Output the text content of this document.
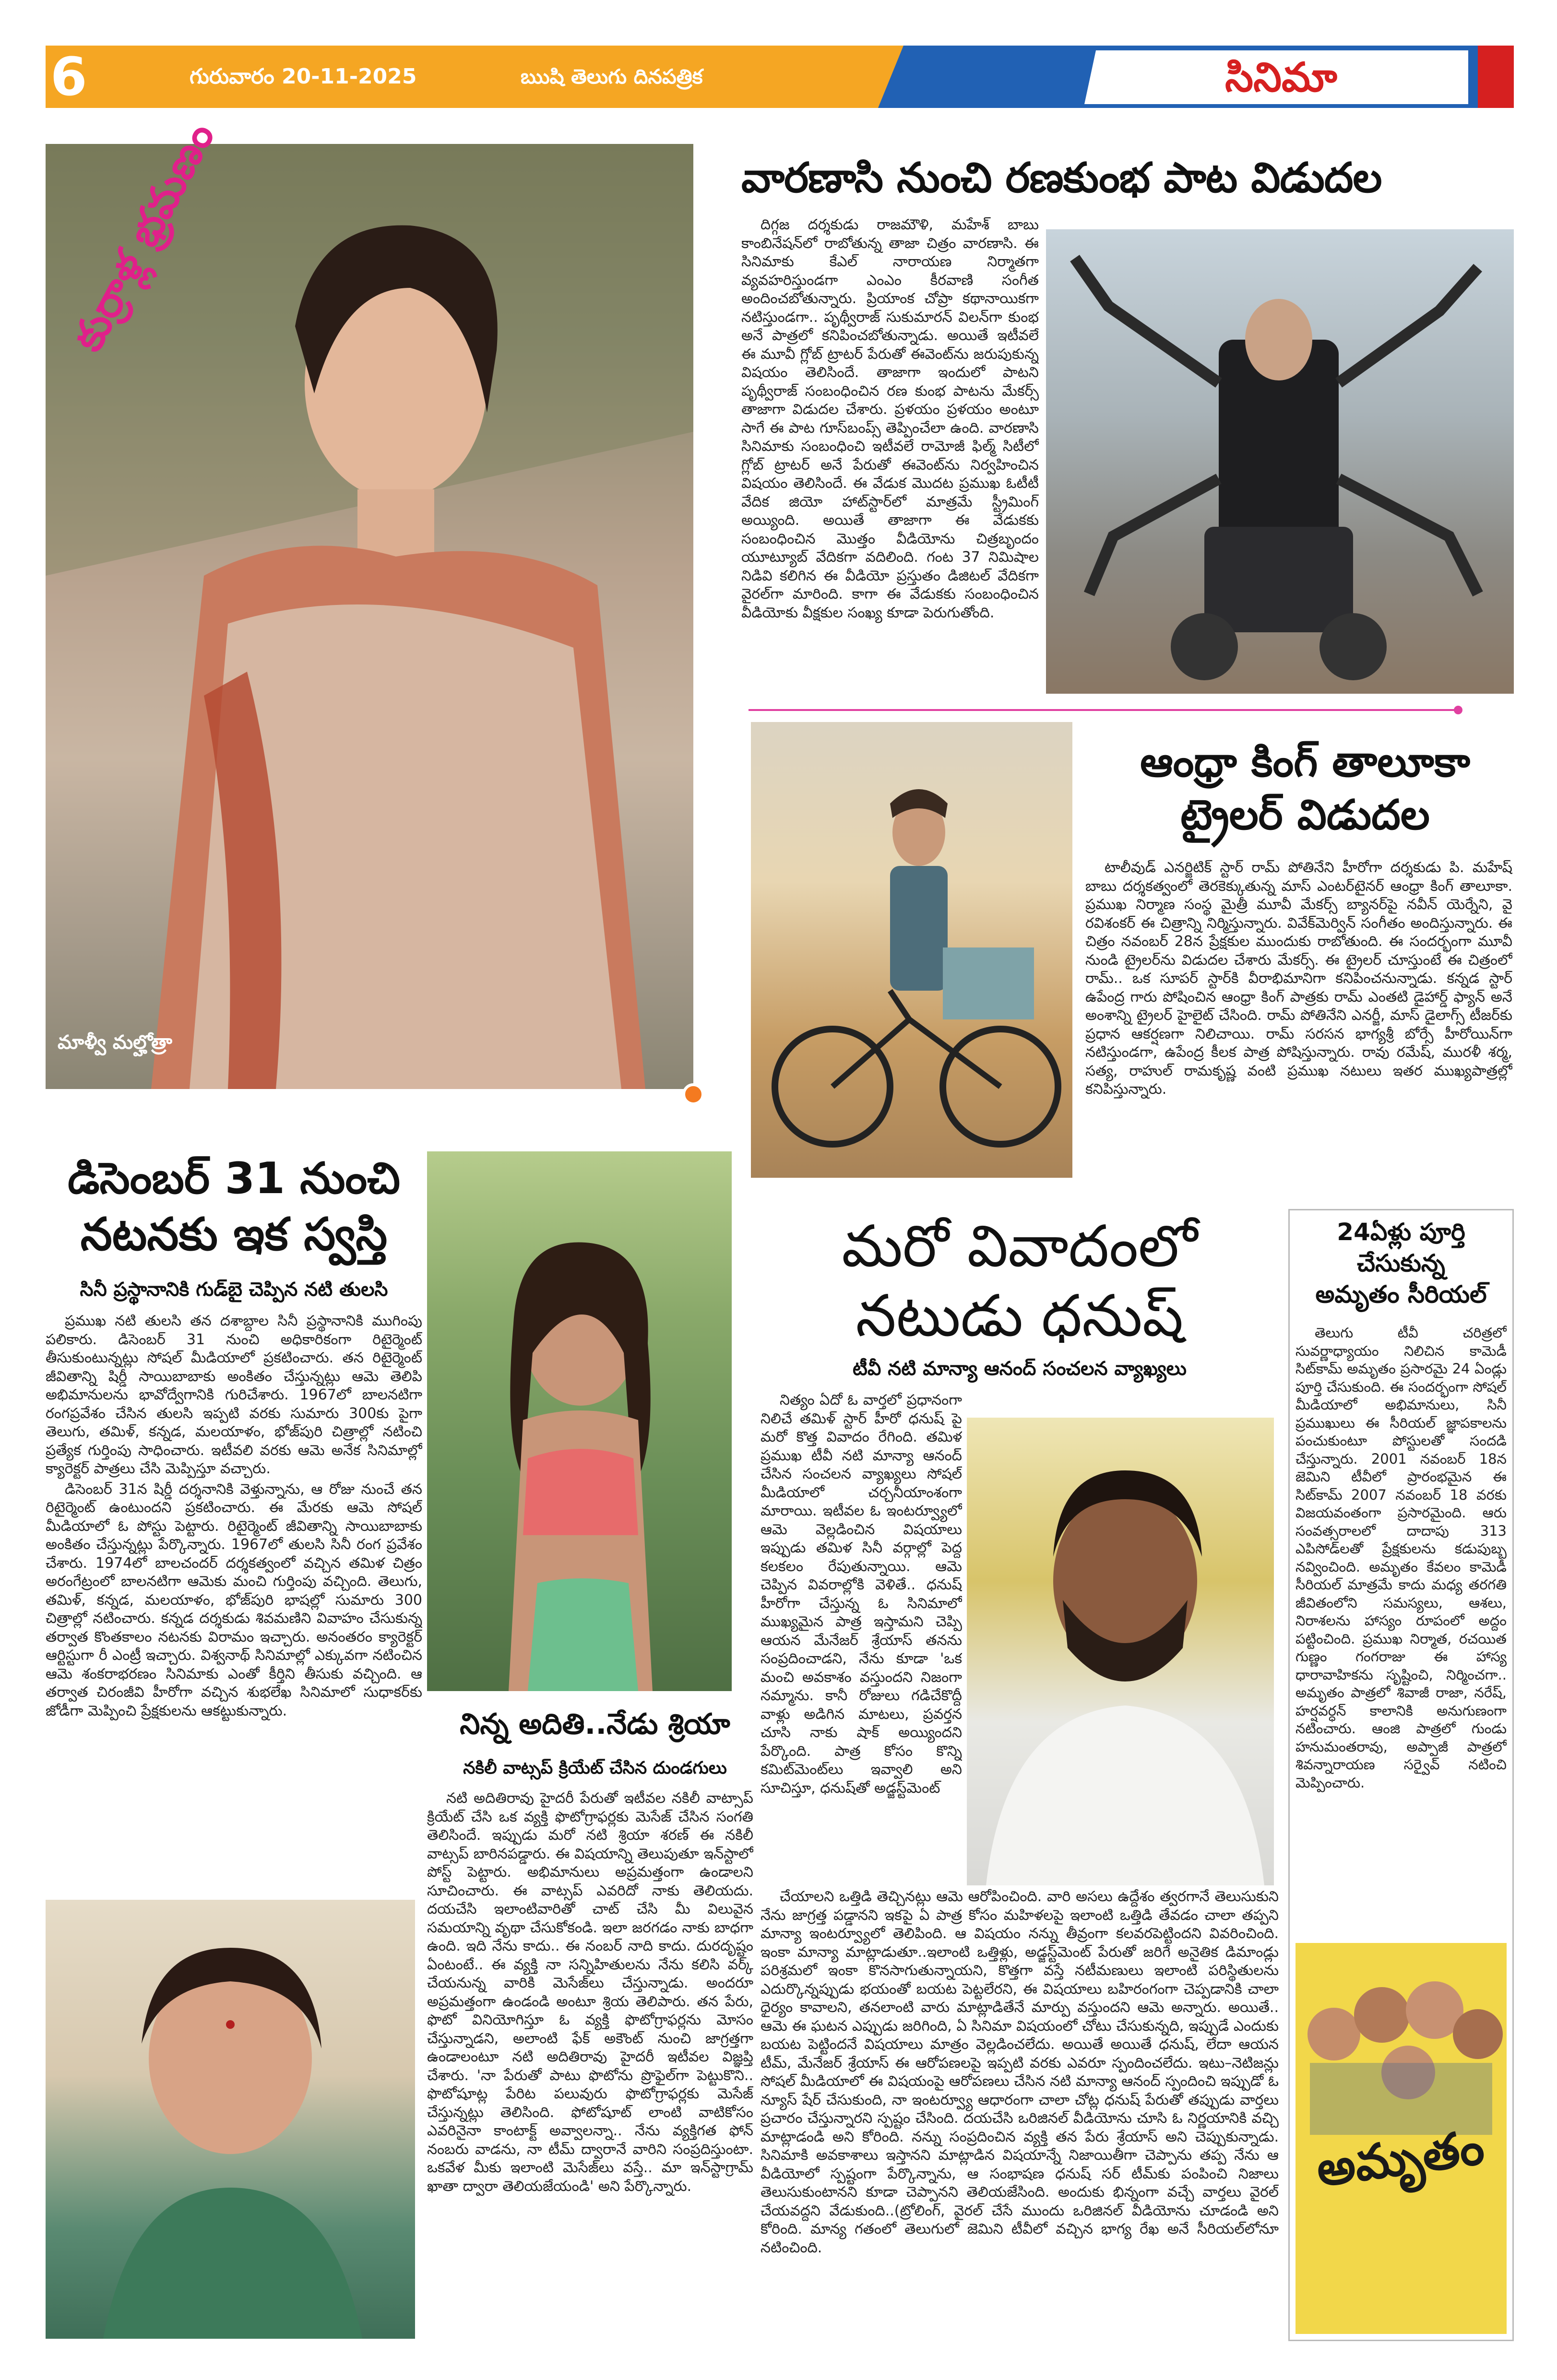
6	గురువారం 20-11-2025	ఋషి తెలుగు దినపత్రిక	సినిమా
కుర్రాళ్ల భ్రమణం
మాళ్వీ మల్హోత్రా
వారణాసి నుంచి రణకుంభ పాట విడుదల

దిగ్గజ దర్శకుడు రాజమౌళి, మహేశ్ బాబు కాంబినేషన్‌లో రాబోతున్న తాజా చిత్రం వారణాసి. ఈ సినిమాకు కేఎల్ నారాయణ నిర్మాతగా వ్యవహరిస్తుండగా ఎంఎం కీరవాణి సంగీత అందించబోతున్నారు. ప్రియాంక చోప్రా కథానాయికగా నటిస్తుండగా.. పృథ్వీరాజ్ సుకుమారన్ విలన్‌గా కుంభ అనే పాత్రలో కనిపించబోతున్నాడు. అయితే ఇటీవలే ఈ మూవీ గ్లోబ్ ట్రాటర్ పేరుతో ఈవెంట్‌ను జరుపుకున్న విషయం తెలిసిందే. తాజాగా ఇందులో పాటని పృథ్వీరాజ్ సంబంధించిన రణ కుంభ పాటను మేకర్స్ తాజాగా విడుదల చేశారు. ప్రళయం ప్రళయం అంటూ సాగే ఈ పాట గూస్‌బంప్స్ తెప్పించేలా ఉంది. వారణాసి సినిమాకు సంబంధించి ఇటీవలే రామోజీ ఫిల్మ్ సిటీలో గ్లోబ్ ట్రాటర్ అనే పేరుతో ఈవెంట్‌ను నిర్వహించిన విషయం తెలిసిందే. ఈ వేడుక మొదట ప్రముఖ ఓటీటీ వేదిక జియో హాట్‌స్టార్‌లో మాత్రమే స్ట్రీమింగ్ అయ్యింది. అయితే తాజాగా ఈ వేడుకకు సంబంధించిన మొత్తం వీడియోను చిత్రబృందం యూట్యూబ్ వేదికగా వదిలింది. గంట 37 నిమిషాల నిడివి కలిగిన ఈ వీడియో ప్రస్తుతం డిజిటల్ వేదికగా వైరల్‌గా మారింది. కాగా ఈ వేడుకకు సంబంధించిన వీడియోకు వీక్షకుల సంఖ్య కూడా పెరుగుతోంది.

ఆంధ్రా కింగ్ తాలూకా
ట్రైలర్ విడుదల

టాలీవుడ్ ఎనర్జిటిక్ స్టార్ రామ్ పోతినేని హీరోగా దర్శకుడు పి. మహేష్ బాబు దర్శకత్వంలో తెరకెక్కుతున్న మాస్ ఎంటర్‌టైనర్ ఆంధ్రా కింగ్ తాలూకా. ప్రముఖ నిర్మాణ సంస్థ మైత్రీ మూవీ మేకర్స్ బ్యానర్‌పై నవీన్ యెర్నేని, వై రవిశంకర్ ఈ చిత్రాన్ని నిర్మిస్తున్నారు. వివేక్‌మెర్విన్ సంగీతం అందిస్తున్నారు. ఈ చిత్రం నవంబర్ 28న ప్రేక్షకుల ముందుకు రాబోతుంది. ఈ సందర్భంగా మూవీ నుండి ట్రైలర్‌ను విడుదల చేశారు మేకర్స్. ఈ ట్రైలర్ చూస్తుంటే ఈ చిత్రంలో రామ్.. ఒక సూపర్ స్టార్‌కి వీరాభిమానిగా కనిపించనున్నాడు. కన్నడ స్టార్ ఉపేంద్ర గారు పోషించిన ఆంధ్రా కింగ్ పాత్రకు రామ్ ఎంతటి డైహార్డ్ ఫ్యాన్ అనే అంశాన్ని ట్రైలర్ హైలైట్ చేసింది. రామ్ పోతినేని ఎనర్జీ, మాస్ డైలాగ్స్ టీజర్‌కు ప్రధాన ఆకర్షణగా నిలిచాయి. రామ్ సరసన భాగ్యశ్రీ బోర్సే హీరోయిన్‌గా నటిస్తుండగా, ఉపేంద్ర కీలక పాత్ర పోషిస్తున్నారు. రావు రమేష్, మురళీ శర్మ, సత్య, రాహుల్ రామకృష్ణ వంటి ప్రముఖ నటులు ఇతర ముఖ్యపాత్రల్లో కనిపిస్తున్నారు.

డిసెంబర్ 31 నుంచి
నటనకు ఇక స్వస్తి
సినీ ప్రస్థానానికి గుడ్‌బై చెప్పిన నటి తులసి

ప్రముఖ నటి తులసి తన దశాబ్దాల సినీ ప్రస్థానానికి ముగింపు పలికారు. డిసెంబర్ 31 నుంచి అధికారికంగా రిటైర్మెంట్ తీసుకుంటున్నట్లు సోషల్ మీడియాలో ప్రకటించారు. తన రిటైర్మెంట్ జీవితాన్ని షిర్డీ సాయిబాబాకు అంకితం చేస్తున్నట్లు ఆమె తెలిపి అభిమానులను భావోద్వేగానికి గురిచేశారు. 1967లో బాలనటిగా రంగప్రవేశం చేసిన తులసి ఇప్పటి వరకు సుమారు 300కు పైగా తెలుగు, తమిళ్, కన్నడ, మలయాళం, భోజ్‌పురి చిత్రాల్లో నటించి ప్రత్యేక గుర్తింపు సాధించారు. ఇటీవలి వరకు ఆమె అనేక సినిమాల్లో క్యారెక్టర్ పాత్రలు చేసి మెప్పిస్తూ వచ్చారు.

డిసెంబర్ 31న షిర్డీ దర్శనానికి వెళ్తున్నాను, ఆ రోజు నుంచే తన రిటైర్మెంట్ ఉంటుందని ప్రకటించారు. ఈ మేరకు ఆమె సోషల్ మీడియాలో ఓ పోస్టు పెట్టారు. రిటైర్మెంట్ జీవితాన్ని సాయిబాబాకు అంకితం చేస్తున్నట్లు పేర్కొన్నారు. 1967లో తులసి సినీ రంగ ప్రవేశం చేశారు. 1974లో బాలచందర్ దర్శకత్వంలో వచ్చిన తమిళ చిత్రం అరంగేట్రంలో బాలనటిగా ఆమెకు మంచి గుర్తింపు వచ్చింది. తెలుగు, తమిళ్, కన్నడ, మలయాళం, భోజ్‌పురి భాషల్లో సుమారు 300 చిత్రాల్లో నటించారు. కన్నడ దర్శకుడు శివమణిని వివాహం చేసుకున్న తర్వాత కొంతకాలం నటనకు విరామం ఇచ్చారు. అనంతరం క్యారెక్టర్ ఆర్టిస్టుగా రీ ఎంట్రీ ఇచ్చారు. విశ్వనాథ్ సినిమాల్లో ఎక్కువగా నటించిన ఆమె శంకరాభరణం సినిమాకు ఎంతో కీర్తిని తీసుకు వచ్చింది. ఆ తర్వాత చిరంజీవి హీరోగా వచ్చిన శుభలేఖ సినిమాలో సుధాకర్‌కు జోడీగా మెప్పించి ప్రేక్షకులను ఆకట్టుకున్నారు.	నిన్న అదితి..నేడు శ్రియా
నకిలీ వాట్సప్ క్రియేట్ చేసిన దుండగులు

నటి అదితిరావు హైదరీ పేరుతో ఇటీవల నకిలీ వాట్సాప్ క్రియేట్ చేసి ఒక వ్యక్తి ఫొటోగ్రాఫర్లకు మెసేజ్ చేసిన సంగతి తెలిసిందే. ఇప్పుడు మరో నటి శ్రియా శరణ్ ఈ నకిలీ వాట్సప్ బారినపడ్డారు. ఈ విషయాన్ని తెలుపుతూ ఇన్‌స్టాలో పోస్ట్ పెట్టారు. అభిమానులు అప్రమత్తంగా ఉండాలని సూచించారు. ఈ వాట్సప్ ఎవరిదో నాకు తెలియదు. దయచేసి ఇలాంటివారితో చాట్ చేసి మీ విలువైన సమయాన్ని వృథా చేసుకోకండి. ఇలా జరగడం నాకు బాధగా ఉంది. ఇది నేను కాదు.. ఈ నంబర్ నాది కాదు. దురదృష్టం ఏంటంటే.. ఈ వ్యక్తి నా సన్నిహితులను నేను కలిసి వర్క్ చేయనున్న వారికి మెసేజ్‌లు చేస్తున్నాడు. అందరూ అప్రమత్తంగా ఉండండి అంటూ శ్రియ తెలిపారు. తన పేరు, ఫొటో వినియోగిస్తూ ఓ వ్యక్తి ఫొటోగ్రాఫర్లను మోసం చేస్తున్నాడని, అలాంటి ఫేక్ అకౌంట్ నుంచి జాగ్రత్తగా ఉండాలంటూ నటి అదితిరావు హైదరీ ఇటీవల విజ్ఞప్తి చేశారు. 'నా పేరుతో పాటు ఫొటోను ప్రొఫైల్‌గా పెట్టుకొని.. ఫొటోషూట్ల పేరిట పలువురు ఫొటోగ్రాఫర్లకు మెసేజ్ చేస్తున్నట్లు తెలిసింది. ఫోటోషూట్ లాంటి వాటికోసం ఎవరినైనా కాంటాక్ట్ అవ్వాలన్నా.. నేను వ్యక్తిగత ఫోన్ నంబరు వాడను, నా టీమ్ ద్వారానే వారిని సంప్రదిస్తుంటా. ఒకవేళ మీకు ఇలాంటి మెసేజ్‌లు వస్తే.. మా ఇన్‌స్టాగ్రామ్ ఖాతా ద్వారా తెలియజేయండి' అని పేర్కొన్నారు.

మరో వివాదంలో
నటుడు ధనుష్
టీవీ నటి మాన్యా ఆనంద్ సంచలన వ్యాఖ్యలు

నిత్యం ఏదో ఓ వార్తలో ప్రధానంగా నిలిచే తమిళ్ స్టార్ హీరో ధనుష్ పై మరో కొత్త వివాదం రేగింది. తమిళ ప్రముఖ టీవీ నటి మాన్యా ఆనంద్ చేసిన సంచలన వ్యాఖ్యలు సోషల్ మీడియాలో చర్చనీయాంశంగా మారాయి. ఇటీవల ఓ ఇంటర్వ్యూలో ఆమె వెల్లడించిన విషయాలు ఇప్పుడు తమిళ సినీ వర్గాల్లో పెద్ద కలకలం రేపుతున్నాయి. ఆమె చెప్పిన వివరాల్లోకి వెళితే.. ధనుష్ హీరోగా చేస్తున్న ఓ సినిమాలో ముఖ్యమైన పాత్ర ఇస్తామని చెప్పి ఆయన మేనేజర్ శ్రేయాస్ తనను సంప్రదించాడని, నేను కూడా 'ఒక మంచి అవకాశం వస్తుందని నిజంగా నమ్మాను. కానీ రోజులు గడిచేకొద్దీ వాళ్లు అడిగిన మాటలు, ప్రవర్తన చూసి నాకు షాక్ అయ్యిందని పేర్కొంది. పాత్ర కోసం కొన్ని కమిట్‌మెంట్‌లు ఇవ్వాలి అని సూచిస్తూ, ధనుష్‌తో అడ్జస్ట్‌మెంట్

చేయాలని ఒత్తిడి తెచ్చినట్లు ఆమె ఆరోపించింది. వారి అసలు ఉద్దేశం త్వరగానే తెలుసుకుని నేను జాగ్రత్త పడ్డానని ఇకపై ఏ పాత్ర కోసం మహిళలపై ఇలాంటి ఒత్తిడి తేవడం చాలా తప్పని మాన్యా ఇంటర్వ్యూలో తెలిపింది. ఆ విషయం నన్ను తీవ్రంగా కలవరపెట్టిందని వివరించింది. ఇంకా మాన్యా మాట్లాడుతూ..ఇలాంటి ఒత్తిళ్లు, అడ్జస్ట్‌మెంట్ పేరుతో జరిగే అనైతిక డిమాండ్లు పరిశ్రమలో ఇంకా కొనసాగుతున్నాయని, కొత్తగా వస్తే నటీమణులు ఇలాంటి పరిస్థితులను ఎదుర్కొన్నప్పుడు భయంతో బయట పెట్టలేరని, ఈ విషయాలు బహిరంగంగా చెప్పడానికి చాలా ధైర్యం కావాలని, తనలాంటి వారు మాట్లాడితేనే మార్పు వస్తుందని ఆమె అన్నారు. అయితే.. ఆమె ఈ ఘటన ఎప్పుడు జరిగింది, ఏ సినిమా విషయంలో చోటు చేసుకున్నది, ఇప్పుడే ఎందుకు బయట పెట్టిందనే విషయాలు మాత్రం వెల్లడించలేదు. అయితే అయితే ధనుష్, లేదా ఆయన టీమ్, మేనేజర్ శ్రేయాస్ ఈ ఆరోపణలపై ఇప్పటి వరకు ఎవరూ స్పందించలేదు. ఇటు–నెటిజన్లు సోషల్ మీడియాలో ఈ విషయంపై ఆరోపణలు చేసిన నటి మాన్యా ఆనంద్ స్పందించి ఇప్పుడో ఓ న్యూస్ షేర్ చేసుకుంది, నా ఇంటర్వ్యూ ఆధారంగా చాలా చోట్ల ధనుష్ పేరుతో తప్పుడు వార్తలు ప్రచారం చేస్తున్నారని స్పష్టం చేసింది. దయచేసి ఒరిజినల్ వీడియోను చూసి ఓ నిర్ణయానికి వచ్చి మాట్లాడండి అని కోరింది. నన్ను సంప్రదించిన వ్యక్తి తన పేరు శ్రేయాస్ అని చెప్పుకున్నాడు. సినిమాకి అవకాశాలు ఇస్తానని మాట్లాడిన విషయాన్నే నిజాయితీగా చెప్పాను తప్ప నేను ఆ వీడియోలో స్పష్టంగా పేర్కొన్నాను, ఆ సంభాషణ ధనుష్ సర్ టీమ్‌కు పంపించి నిజాలు తెలుసుకుంటానని కూడా చెప్పానని తెలియజేసింది. అందుకు భిన్నంగా వచ్చే వార్తలు వైరల్ చేయవద్దని వేడుకుంది..(ట్రోలింగ్, వైరల్ చేసే ముందు ఒరిజినల్ వీడియోను చూడండి అని కోరింది. మాన్య గతంలో తెలుగులో జెమిని టీవీలో వచ్చిన భాగ్య రేఖ అనే సీరియల్‌లోనూ నటించింది.
24ఏళ్లు పూర్తి
చేసుకున్న
అమృతం సీరియల్

తెలుగు టీవీ చరిత్రలో సువర్ణాధ్యాయం నిలిచిన కామెడీ సిట్‌కామ్ అమృతం ప్రసారమై 24 ఏండ్లు పూర్తి చేసుకుంది. ఈ సందర్భంగా సోషల్ మీడియాలో అభిమానులు, సినీ ప్రముఖులు ఈ సీరియల్ జ్ఞాపకాలను పంచుకుంటూ పోస్టులతో సందడి చేస్తున్నారు. 2001 నవంబర్ 18న జెమిని టీవీలో ప్రారంభమైన ఈ సిట్‌కామ్ 2007 నవంబర్ 18 వరకు విజయవంతంగా ప్రసారమైంది. ఆరు సంవత్సరాలలో దాదాపు 313 ఎపిసోడ్‌లతో ప్రేక్షకులను కడుపుబ్బ నవ్వించింది. అమృతం కేవలం కామెడీ సీరియల్ మాత్రమే కాదు మధ్య తరగతి జీవితంలోని సమస్యలు, ఆశలు, నిరాశలను హాస్యం రూపంలో అద్దం పట్టించింది. ప్రముఖ నిర్మాత, రచయిత గుణ్ణం గంగరాజు ఈ హాస్య ధారావాహికను సృష్టించి, నిర్మించగా.. అమృతం పాత్రలో శివాజీ రాజా, నరేష్, హర్షవర్ధన్ కాలానికి అనుగుణంగా నటించారు. ఆంజి పాత్రలో గుండు హనుమంతరావు, అప్పాజీ పాత్రలో శివన్నారాయణ సర్వైవ్ నటించి మెప్పించారు.

అమృతం
